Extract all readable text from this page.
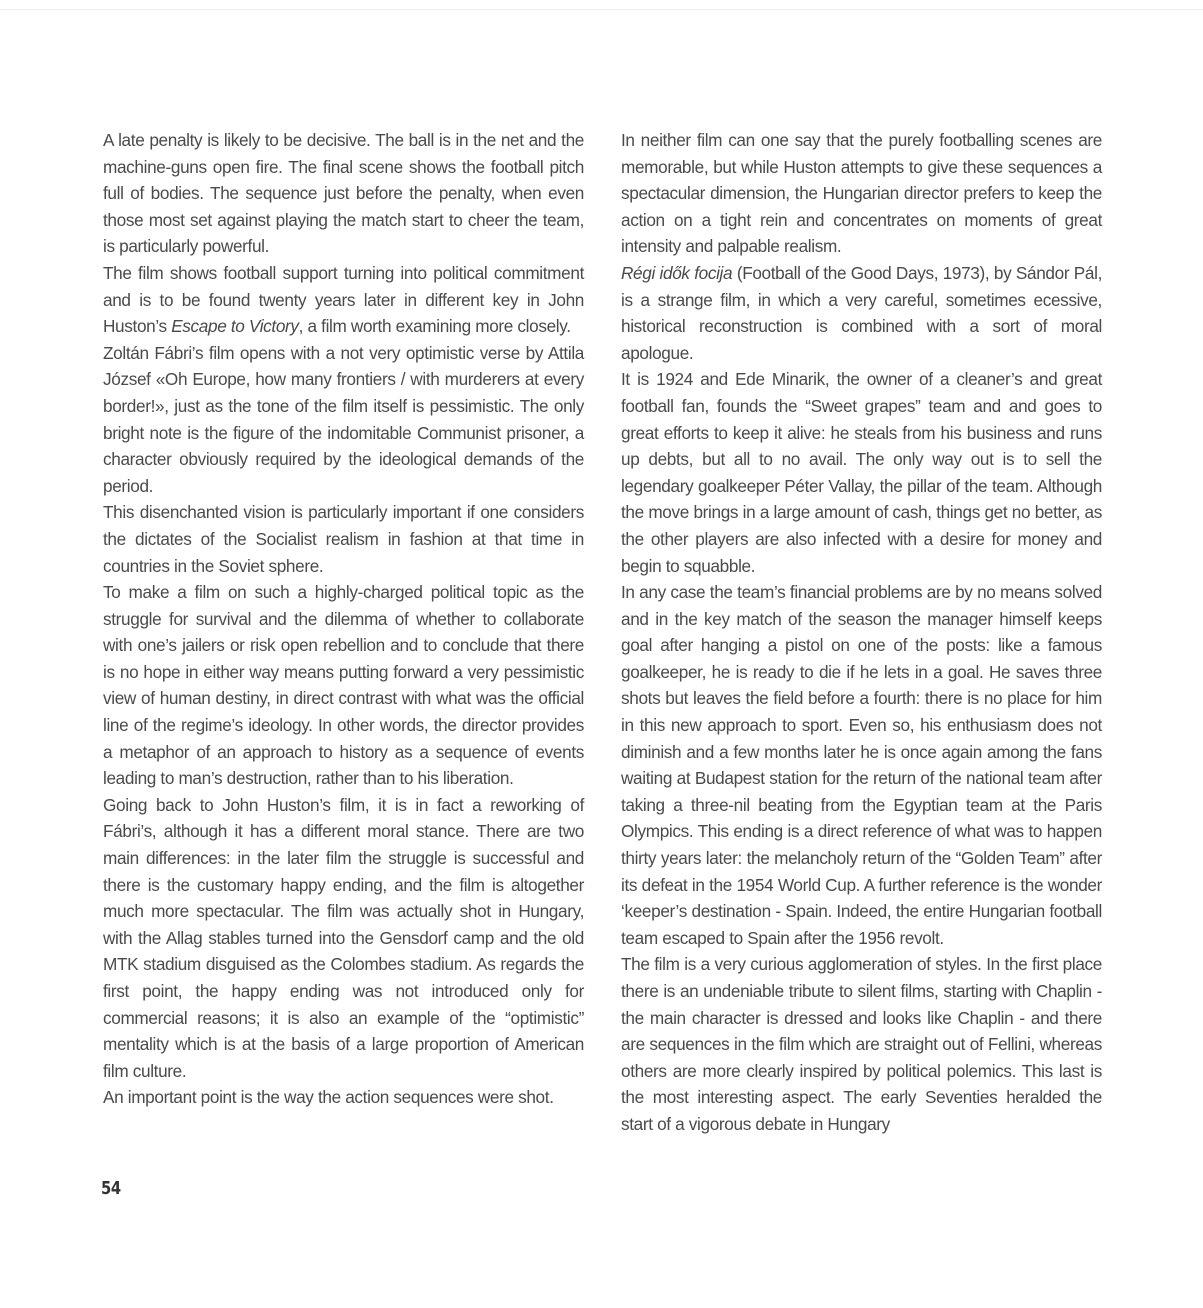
A late penalty is likely to be decisive. The ball is in the net and the machine-guns open fire. The final scene shows the football pitch full of bodies. The sequence just before the penalty, when even those most set against playing the match start to cheer the team, is particularly powerful.

The film shows football support turning into political commitment and is to be found twenty years later in different key in John Huston’s Escape to Victory, a film worth examining more closely.

Zoltán Fábri’s film opens with a not very optimistic verse by Attila József «Oh Europe, how many frontiers / with murderers at every border!», just as the tone of the film itself is pessimistic. The only bright note is the figure of the indomitable Communist prisoner, a character obviously required by the ideological demands of the period.

This disenchanted vision is particularly important if one considers the dictates of the Socialist realism in fashion at that time in countries in the Soviet sphere.

To make a film on such a highly-charged political topic as the struggle for survival and the dilemma of whether to collaborate with one’s jailers or risk open rebellion and to conclude that there is no hope in either way means putting forward a very pessimistic view of human destiny, in direct contrast with what was the official line of the regime’s ideology. In other words, the director provides a metaphor of an approach to history as a sequence of events leading to man’s destruction, rather than to his liberation.

Going back to John Huston’s film, it is in fact a reworking of Fábri’s, although it has a different moral stance. There are two main differences: in the later film the struggle is successful and there is the customary happy ending, and the film is altogether much more spectacular. The film was actually shot in Hungary, with the Allag stables turned into the Gensdorf camp and the old MTK stadium disguised as the Colombes stadium. As regards the first point, the happy ending was not introduced only for commercial reasons; it is also an example of the “optimistic” mentality which is at the basis of a large proportion of American film culture.

An important point is the way the action sequences were shot.

In neither film can one say that the purely footballing scenes are memorable, but while Huston attempts to give these sequences a spectacular dimension, the Hungarian director prefers to keep the action on a tight rein and concentrates on moments of great intensity and palpable realism.

Régi idők focija (Football of the Good Days, 1973), by Sándor Pál, is a strange film, in which a very careful, sometimes ecessive, historical reconstruction is combined with a sort of moral apologue.

It is 1924 and Ede Minarik, the owner of a cleaner’s and great football fan, founds the “Sweet grapes” team and and goes to great efforts to keep it alive: he steals from his business and runs up debts, but all to no avail. The only way out is to sell the legendary goalkeeper Péter Vallay, the pillar of the team. Although the move brings in a large amount of cash, things get no better, as the other players are also infected with a desire for money and begin to squabble.

In any case the team’s financial problems are by no means solved and in the key match of the season the manager himself keeps goal after hanging a pistol on one of the posts: like a famous goalkeeper, he is ready to die if he lets in a goal. He saves three shots but leaves the field before a fourth: there is no place for him in this new approach to sport. Even so, his enthusiasm does not diminish and a few months later he is once again among the fans waiting at Budapest station for the return of the national team after taking a three-nil beating from the Egyptian team at the Paris Olympics. This ending is a direct reference of what was to happen thirty years later: the melancholy return of the “Golden Team” after its defeat in the 1954 World Cup. A further reference is the wonder ‘keeper’s destination - Spain. Indeed, the entire Hungarian football team escaped to Spain after the 1956 revolt.

The film is a very curious agglomeration of styles. In the first place there is an undeniable tribute to silent films, starting with Chaplin - the main character is dressed and looks like Chaplin - and there are sequences in the film which are straight out of Fellini, whereas others are more clearly inspired by political polemics. This last is the most interesting aspect. The early Seventies heralded the start of a vigorous debate in Hungary

54
